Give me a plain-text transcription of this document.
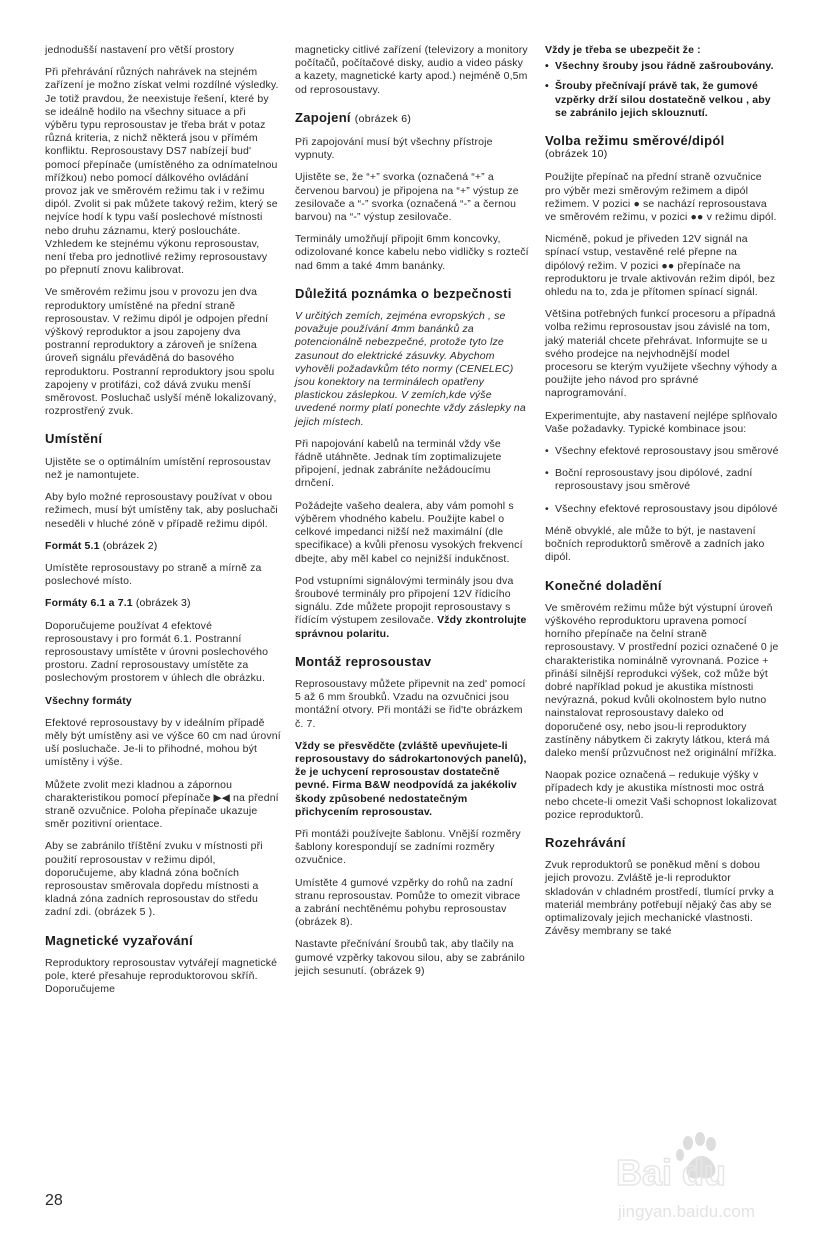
jednodušší nastavení pro větší prostory

Při přehrávání různých nahrávek na stejném zařízení je možno získat velmi rozdílné výsledky. Je totiž pravdou, že neexistuje řešení, které by se ideálně hodilo na všechny situace a při výběru typu reprosoustav je třeba brát v potaz různá kriteria, z nichž některá jsou v přímém konfliktu. Reprosoustavy DS7 nabízejí bud' pomocí přepínače (umístěného za odnímatelnou mřížkou) nebo pomocí dálkového ovládání provoz jak ve směrovém režimu tak i v režimu dipól. Zvolit si pak můžete takový režim, který se nejvíce hodí k typu vaší poslechové místnosti nebo druhu záznamu, který posloucháte. Vzhledem ke stejnému výkonu reprosoustav, není třeba pro jednotlivé režimy reprosoustavy po přepnutí znovu kalibrovat.

Ve směrovém režimu jsou v provozu jen dva reproduktory umístěné na přední straně reprosoustav. V režimu dipól je odpojen přední výškový reproduktor a jsou zapojeny dva postranní reproduktory a zároveň je snížena úroveň signálu převáděná do basového reproduktoru. Postranní reproduktory jsou spolu zapojeny v protifázi, což dává zvuku menší směrovost. Posluchač uslyší méně lokalizovaný, rozprostřený zvuk.

Umístění

Ujistěte se o optimálním umístění reprosoustav než je namontujete.

Aby bylo možné reprosoustavy používat v obou režimech, musí být umístěny tak, aby posluchači neseděli v hluché zóně v případě režimu dipól.

Formát 5.1 (obrázek 2)

Umístěte reprosoustavy po straně a mírně za poslechové místo.

Formáty 6.1 a 7.1 (obrázek 3)

Doporučujeme používat 4 efektové reprosoustavy i pro formát 6.1. Postranní reprosoustavy umístěte v úrovni poslechového prostoru. Zadní reprosoustavy umístěte za poslechovým prostorem v úhlech dle obrázku.

Všechny formáty

Efektové reprosoustavy by v ideálním případě měly být umístěny asi ve výšce 60 cm nad úrovní uší posluchače. Je-li to přihodné, mohou být umístěny i výše.

Můžete zvolit mezi kladnou a zápornou charakteristikou pomocí přepínače ▶◀ na přední straně ozvučnice. Poloha přepínače ukazuje směr pozitivní orientace.

Aby se zabránilo tříštění zvuku v místnosti při použití reprosoustav v režimu dipól, doporučujeme, aby kladná zóna bočních reprosoustav směrovala dopředu místnosti a kladná zóna zadních reprosoustav do středu zadní zdi. (obrázek 5 ).

Magnetické vyzařování

Reproduktory reprosoustav vytvářejí magnetické pole, které přesahuje reproduktorovou skříň. Doporučujeme

magneticky citlivé zařízení (televizory a monitory počítačů, počítačové disky, audio a video pásky a kazety, magnetické karty apod.) nejméně 0,5m od reprosoustavy.

Zapojení (obrázek 6)

Při zapojování musí být všechny přístroje vypnuty.

Ujistěte se, že “+” svorka (označená “+” a červenou barvou) je připojena na “+” výstup ze zesilovače a “-” svorka (označená “-” a černou barvou) na “-” výstup zesilovače.

Terminály umožňují připojit 6mm koncovky, odizolované konce kabelu nebo vidličky s roztečí nad 6mm a také 4mm banánky.

Důležitá poznámka o bezpečnosti

V určitých zemích, zejména evropských , se považuje používání 4mm banánků za potencionálně nebezpečné, protože tyto lze zasunout do elektrické zásuvky. Abychom vyhověli požadavkům této normy (CENELEC) jsou konektory na terminálech opatřeny plastickou záslepkou. V zemích,kde výše uvedené normy platí ponechte vždy záslepky na jejich místech.

Při napojování kabelů na terminál vždy vše řádně utáhněte. Jednak tím zoptimalizujete připojení, jednak zabráníte nežádoucímu drnčení.

Požádejte vašeho dealera, aby vám pomohl s výběrem vhodného kabelu. Použijte kabel o celkové impedanci nižší než maximální (dle specifikace) a kvůli přenosu vysokých frekvencí dbejte, aby měl kabel co nejnižší indukčnost.

Pod vstupními signálovými terminály jsou dva šroubové terminály pro připojení 12V řídicího signálu. Zde můžete propojit reprosoustavy s řídícím výstupem zesilovače. Vždy zkontrolujte správnou polaritu.

Montáž reprosoustav

Reprosoustavy můžete připevnit na zed' pomocí 5 až 6 mm šroubků. Vzadu na ozvučnici jsou montážní otvory. Při montáži se řid'te obrázkem č. 7.

Vždy se přesvědčte (zvláště upevňujete-li reprosoustavy do sádrokartonových panelů), že je uchycení reprosoustav dostatečně pevné. Firma B&W neodpovídá za jakékoliv škody způsobené nedostatečným přichycením reprosoustav.

Při montáži používejte šablonu. Vnější rozměry šablony korespondují se zadními rozměry ozvučnice.

Umístěte 4 gumové vzpěrky do rohů na zadní stranu reprosoustav. Pomůže to omezit vibrace a zabrání nechtěnému pohybu reprosoustav (obrázek 8).

Nastavte přečnívání šroubů tak, aby tlačily na gumové vzpěrky takovou silou, aby se zabránilo jejich sesunutí. (obrázek 9)

Vždy je třeba se ubezpečit že :

• Všechny šrouby jsou řádně zašroubovány.
• Šrouby přečnívají právě tak, že gumové vzpěrky drží silou dostatečně velkou , aby se zabránilo jejich sklouznutí.
Volba režimu směrové/dipól
(obrázek 10)

Použijte přepínač na přední straně ozvučnice pro výběr mezi směrovým režimem a dipól režimem. V pozici ● se nachází reprosoustava ve směrovém režimu, v pozici ●● v režimu dipól.

Nicméně, pokud je přiveden 12V signál na spínací vstup, vestavěné relé přepne na dipólový režim. V pozici ●● přepínače na reproduktoru je trvale aktivován režim dipól, bez ohledu na to, zda je přítomen spínací signál.

Většina potřebných funkcí procesoru a případná volba režimu reprosoustav jsou závislé na tom, jaký materiál chcete přehrávat. Informujte se u svého prodejce na nejvhodnější model procesoru se kterým využijete všechny výhody a použijte jeho návod pro správné naprogramování.

Experimentujte, aby nastavení nejlépe splňovalo Vaše požadavky. Typické kombinace jsou:

• Všechny efektové reprosoustavy jsou směrové
• Boční reprosoustavy jsou dipólové, zadní reprosoustavy jsou směrové
• Všechny efektové reprosoustavy jsou dipólové

Méně obvyklé, ale může to být, je nastavení bočních reproduktorů směrově a zadních jako dipól.

Konečné doladění

Ve směrovém režimu může být výstupní úroveň výškového reproduktoru upravena pomocí horního přepínače na čelní straně reprosoustavy. V prostřední pozici označené 0 je charakteristika nominálně vyrovnaná. Pozice + přináší silnější reprodukci výšek, což může být dobré například pokud je akustika místnosti nevýrazná, pokud kvůli okolnostem bylo nutno nainstalovat reprosoustavy daleko od doporučené osy, nebo jsou-li reproduktory zastíněny nábytkem či zakryty látkou, která má daleko menší průzvučnost než originální mřížka.

Naopak pozice označená – redukuje výšky v případech kdy je akustika místnosti moc ostrá nebo chcete-li omezit Vaši schopnost lokalizovat pozice reproduktorů.

Rozehrávání

Zvuk reproduktorů se poněkud mění s dobou jejich provozu. Zvláště je-li reproduktor skladován v chladném prostředí, tlumící prvky a materiál membrány potřebují nějaký čas aby se optimalizovaly jejich mechanické vlastnosti. Závěsy membrany se také

28
Bai du
jingyan.baidu.com
